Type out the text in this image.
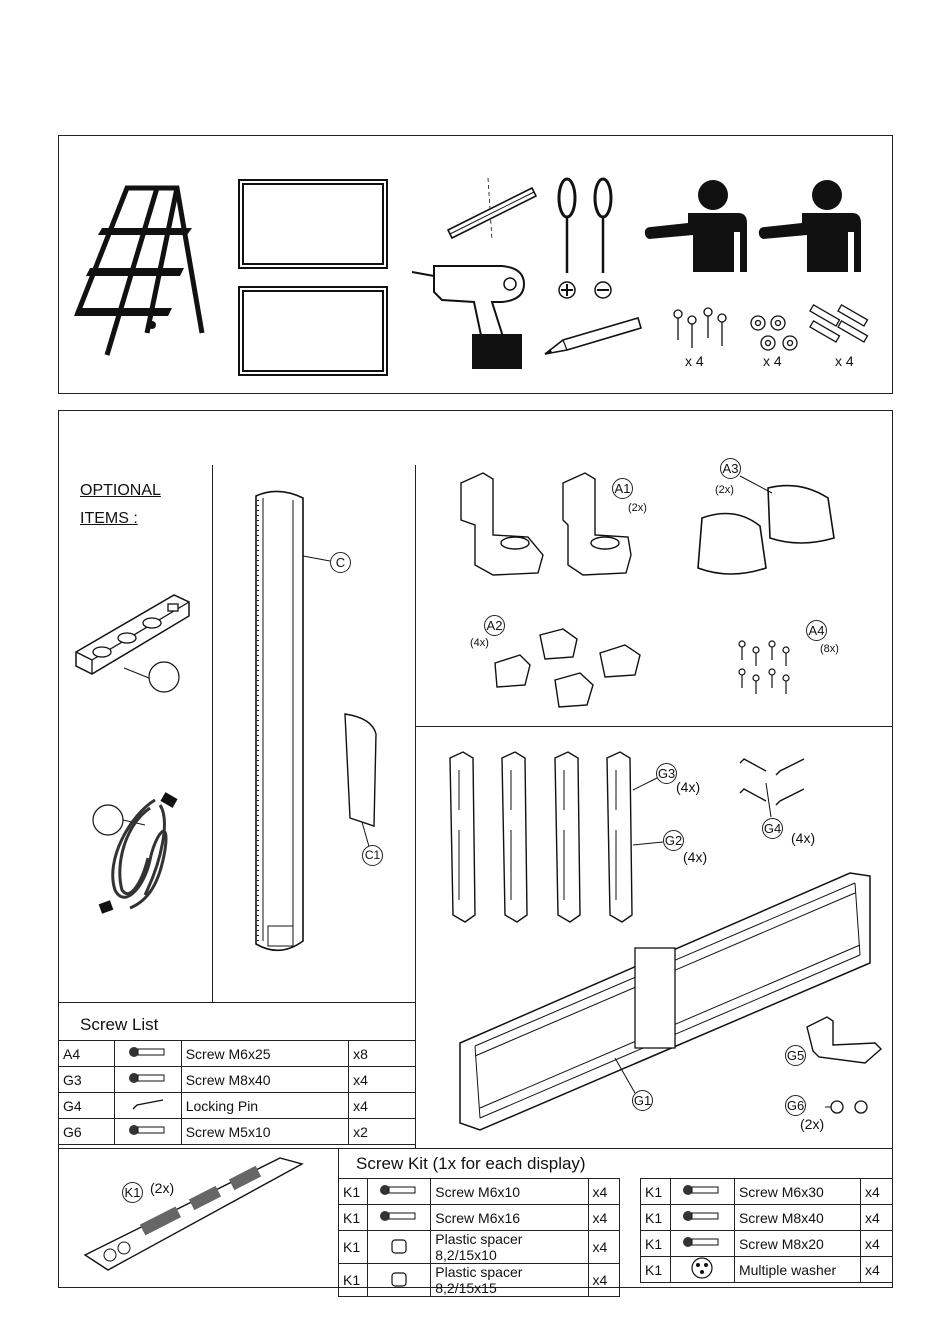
x 4	x 4	x 4
OPTIONAL
ITEMS :
C
C1
A1
(2x)
A3
(2x)
A2
(4x)
A4
(8x)
G3
(4x)
G2
(4x)
G4
(4x)
G1
G5
G6
(2x)
Screw List
A4		Screw M6x25	x8
G3		Screw M8x40	x4
G4		Locking Pin	x4
G6		Screw M5x10	x2
K1 (2x)
Screw Kit (1x for each display)
K1		Screw M6x10	x4
K1		Screw M6x16	x4
K1		Plastic spacer 8,2/15x10	x4
K1		Plastic spacer 8,2/15x15	x4
K1		Screw M6x30	x4
K1		Screw M8x40	x4
K1		Screw M8x20	x4
K1		Multiple washer	x4
